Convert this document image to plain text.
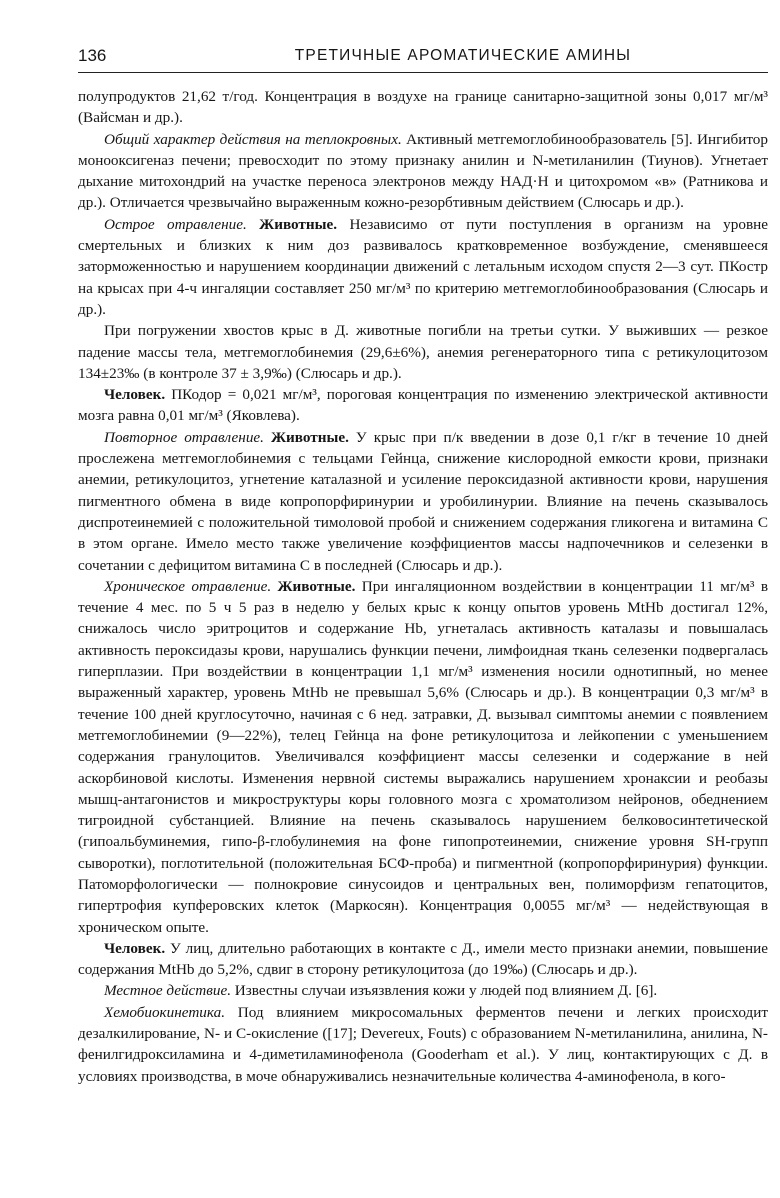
136	ТРЕТИЧНЫЕ АРОМАТИЧЕСКИЕ АМИНЫ

полупродуктов 21,62 т/год. Концентрация в воздухе на границе санитарно-защитной зоны 0,017 мг/м³ (Вайсман и др.).

Общий характер действия на теплокровных. Активный метгемоглобинообразователь [5]. Ингибитор монооксигеназ печени; превосходит по этому признаку анилин и N-метиланилин (Тиунов). Угнетает дыхание митохондрий на участке переноса электронов между НАД·Н и цитохромом «в» (Ратникова и др.). Отличается чрезвычайно выраженным кожно-резорбтивным действием (Слюсарь и др.).

Острое отравление. Животные. Независимо от пути поступления в организм на уровне смертельных и близких к ним доз развивалось кратковременное возбуждение, сменявшееся заторможенностью и нарушением координации движений с летальным исходом спустя 2—3 сут. ПКостр на крысах при 4-ч ингаляции составляет 250 мг/м³ по критерию метгемоглобинообразования (Слюсарь и др.).

При погружении хвостов крыс в Д. животные погибли на третьи сутки. У выживших — резкое падение массы тела, метгемоглобинемия (29,6±6%), анемия регенераторного типа с ретикулоцитозом 134±23‰ (в контроле 37 ± 3,9‰) (Слюсарь и др.).

Человек. ПКодор = 0,021 мг/м³, пороговая концентрация по изменению электрической активности мозга равна 0,01 мг/м³ (Яковлева).

Повторное отравление. Животные. У крыс при п/к введении в дозе 0,1 г/кг в течение 10 дней прослежена метгемоглобинемия с тельцами Гейнца, снижение кислородной емкости крови, признаки анемии, ретикулоцитоз, угнетение каталазной и усиление пероксидазной активности крови, нарушения пигментного обмена в виде копропорфиринурии и уробилинурии. Влияние на печень сказывалось диспротеинемией с положительной тимоловой пробой и снижением содержания гликогена и витамина С в этом органе. Имело место также увеличение коэффициентов массы надпочечников и селезенки в сочетании с дефицитом витамина С в последней (Слюсарь и др.).

Хроническое отравление. Животные. При ингаляционном воздействии в концентрации 11 мг/м³ в течение 4 мес. по 5 ч 5 раз в неделю у белых крыс к концу опытов уровень MtHb достигал 12%, снижалось число эритроцитов и содержание Hb, угнеталась активность каталазы и повышалась активность пероксидазы крови, нарушались функции печени, лимфоидная ткань селезенки подвергалась гиперплазии. При воздействии в концентрации 1,1 мг/м³ изменения носили однотипный, но менее выраженный характер, уровень MtHb не превышал 5,6% (Слюсарь и др.). В концентрации 0,3 мг/м³ в течение 100 дней круглосуточно, начиная с 6 нед. затравки, Д. вызывал симптомы анемии с появлением метгемоглобинемии (9—22%), телец Гейнца на фоне ретикулоцитоза и лейкопении с уменьшением содержания гранулоцитов. Увеличивался коэффициент массы селезенки и содержание в ней аскорбиновой кислоты. Изменения нервной системы выражались нарушением хронаксии и реобазы мышц-антагонистов и микроструктуры коры головного мозга с хроматолизом нейронов, обеднением тигроидной субстанцией. Влияние на печень сказывалось нарушением белковосинтетической (гипоальбуминемия, гипо-β-глобулинемия на фоне гипопротеинемии, снижение уровня SH-групп сыворотки), поглотительной (положительная БСФ-проба) и пигментной (копропорфиринурия) функции. Патоморфологически — полнокровие синусоидов и центральных вен, полиморфизм гепатоцитов, гипертрофия купферовских клеток (Маркосян). Концентрация 0,0055 мг/м³ — недействующая в хроническом опыте.

Человек. У лиц, длительно работающих в контакте с Д., имели место признаки анемии, повышение содержания MtHb до 5,2%, сдвиг в сторону ретикулоцитоза (до 19‰) (Слюсарь и др.).

Местное действие. Известны случаи изъязвления кожи у людей под влиянием Д. [6].

Хемобиокинетика. Под влиянием микросомальных ферментов печени и легких происходит дезалкилирование, N- и С-окисление ([17]; Devereux, Fouts) с образованием N-метиланилина, анилина, N-фенилгидроксиламина и 4-диметиламинофенола (Gooderham et al.). У лиц, контактирующих с Д. в условиях производства, в моче обнаруживались незначительные количества 4-аминофенола, в кого-
